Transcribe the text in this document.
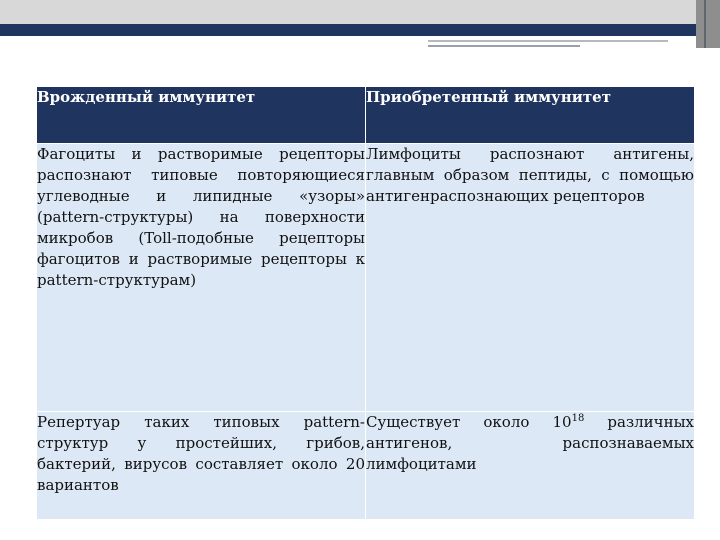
Врожденный иммунитет	Приобретенный иммунитет
Фагоциты и растворимые рецепторы распознают типовые повторяющиеся углеводные и липидные «узоры» (pattern-структуры) на поверхности микробов (Toll-подобные рецепторы фагоцитов и растворимые рецепторы к pattern-структурам)	Лимфоциты распознают антигены, главным образом пептиды, с помощью антигенраспознающих рецепторов
Репертуар таких типовых pattern-структур у простейших, грибов, бактерий, вирусов составляет около 20 вариантов	Существует около $10^{18}$ различных антигенов, распознаваемых лимфоцитами
